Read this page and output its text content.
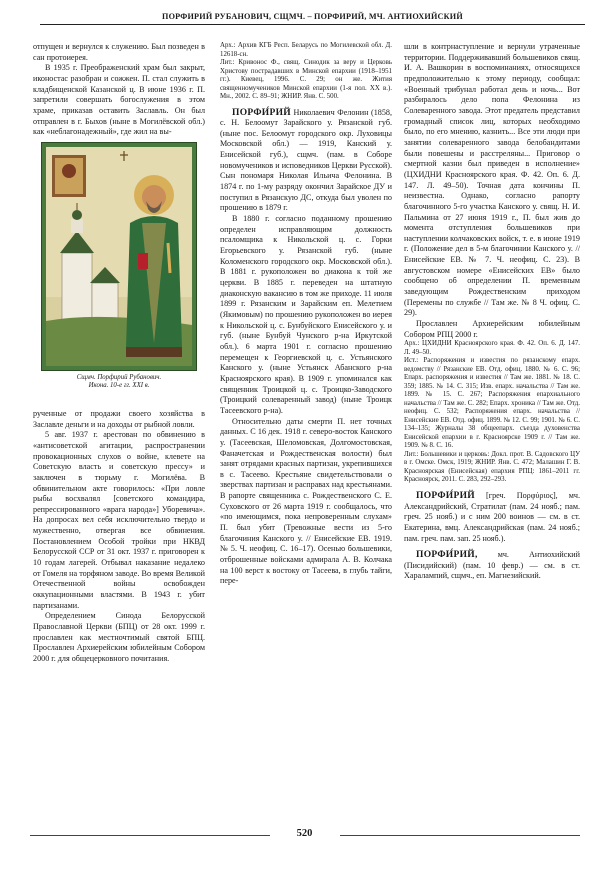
ПОРФИРИЙ РУБАНОВИЧ, СЩМЧ. – ПОРФИРИЙ, МЧ. АНТИОХИЙСКИЙ

отпущен и вернулся к служению. Был позведен в сан протоиерея.

В 1935 г. Преображенский храм был закрыт, иконостас разобран и сожжен. П. стал служить в кладбищенской Казанской ц. В июне 1936 г. П. запретили совершать богослужения в этом храме, приказав оставить Заславль. Он был отправлен в г. Быхов (ныне в Могилёвской обл.) как «неблагонадежный», где жил на вы-

Сщмч. Порфирий Рубанович.
Икона. 10-е гг. XXI в.

рученные от продажи своего хозяйства в Заславле деньги и на доходы от рыбной ловли.

5 авг. 1937 г. арестован по обвинению в «антисоветской агитации, распространении провокационных слухов о войне, клевете на Советскую власть и советскую прессу» и заключен в тюрьму г. Могилёва. В обвинительном акте говорилось: «При ловле рыбы восхвалял [советского командира, репрессированного «врага народа»] Уборевича». На допросах вел себя исключительно твердо и мужественно, отвергая все обвинения. Постановлением Особой тройки при НКВД Белорусской ССР от 31 окт. 1937 г. приговорен к 10 годам лагерей. Отбывал наказание недалеко от Гомеля на торфяном заводе. Во время Великой Отечественной войны освобожден оккупационными властями. В 1943 г. убит партизанами.

Определением Синода Белорусской Православной Церкви (БПЦ) от 28 окт. 1999 г. прославлен как местночтимый святой БПЦ. Прославлен Архиерейским юбилейным Собором 2000 г. для общецерковного почитания.

Арх.: Архив КГБ Респ. Беларусь по Могилевской обл. Д. 12618-сн.

Лит.: Кривонос Ф., свящ. Синодик за веру и Церковь Христову пострадавших в Минской епархии (1918–1951 гг.). Киевец, 1996. С. 29; он же. Жития священномучеников Минской епархии (1-я пол. XX в.). Мн., 2002. С. 89–91; ЖНИР. Янв. С. 500.

ПОРФИ́РИЙ Николаевич Фелонин (1858, с. Н. Белоомут Зарайского у. Рязанской губ. (ныне пос. Белоомут городского окр. Луховицы Московской обл.) — 1919, Канский у. Енисейской губ.), сщмч. (пам. в Соборе новомучеников и исповедников Церкви Русской). Сын пономаря Николая Ильича Фелонина. В 1874 г. по 1-му разряду окончил Зарайское ДУ и поступил в Рязанскую ДС, откуда был уволен по прошению в 1879 г.

В 1880 г. согласно поданному прошению определен исправляющим должность псаломщика к Никольской ц. с. Горки Егорьевского у. Рязанской губ. (ныне Коломенского городского окр. Московской обл.). В 1881 г. рукоположен во диакона к той же церкви. В 1885 г. переведен на штатную диаконскую вакансию в том же приходе. 11 июля 1899 г. Рязанским и Зарайским еп. Мелетием (Якимовым) по прошению рукоположен во иерея к Никольской ц. с. Бунбуйского Енисейского у. и губ. (ныне Бунбуй Чунского р-на Иркутской обл.). 6 марта 1901 г. согласно прошению перемещен к Георгиевской ц. с. Устьянского Канского у. (ныне Устьянск Абанского р-на Красноярского края). В 1909 г. упоминался как священник Троицкой ц. с. Троицко-Заводского (Троицкий солеваренный завод) (ныне Троицк Тасеевского р-на).

Относительно даты смерти П. нет точных данных. С 16 дек. 1918 г. северо-восток Канского у. (Тасеевская, Шеломовская, Долгомостовская, Фаначетская и Рождественская волости) был занят отрядами красных партизан, укрепившихся в с. Тасеево. Крестьяне свидетельствовали о зверствах партизан и расправах над крестьянами. В рапорте священника с. Рождественского С. Е. Суховского от 26 марта 1919 г. сообщалось, что «по имеющимся, пока непроверенным слухам» П. был убит (Тревожные вести из 5-го благочиния Канского у. // Енисейские ЕВ. 1919. № 5. Ч. неофиц. С. 16–17). Осенью большевики, отброшенные войсками адмирала А. В. Колчака на 100 верст к востоку от Тасеева, в глубь тайги, пере-

шли в контрнаступление и вернули утраченные территории. Поддерживавший большевиков свящ. И. А. Вашкорин в воспоминаниях, относящихся предположительно к этому периоду, сообщал: «Военный трибунал работал день и ночь... Вот разбиралось дело попа Фелонина из Солеваренного завода. Этот предатель представил громадный список лиц, которых необходимо было, по его мнению, казнить... Все эти люди при занятии солеваренного завода белобандитами были повешены и расстреляны... Приговор о смертной казни был приведен в исполнение» (ЦХИДНИ Красноярского края. Ф. 42. Оп. 6. Д. 147. Л. 49–50). Точная дата кончины П. неизвестна. Однако, согласно рапорту благочинного 5-го участка Канского у. свящ. Н. И. Пальмина от 27 июня 1919 г., П. был жив до момента отступления большевиков при наступлении колчаковских войск, т. е. в июне 1919 г. (Положение дел в 5-м благочинии Канского у. // Енисейские ЕВ. № 7. Ч. неофиц. С. 23). В августовском номере «Енисейских ЕВ» было сообщено об определении П. временным заведующим Рождественским приходом (Перемены по службе // Там же. № 8 Ч. офиц. С. 29).

Прославлен Архиерейским юбилейным Собором РПЦ 2000 г.

Арх.: ЦХИДНИ Красноярского края. Ф. 42. Оп. 6. Д. 147. Л. 49–50.

Ист.: Распоряжения и известия по рязанскому епарх. ведомству // Рязанские ЕВ. Отд. офиц. 1880. № 6. С. 96; Епарх. распоряжения и известия // Там же. 1881. № 18. С. 359; 1885. № 14. С. 315; Изв. епарх. начальства // Там же. 1899. № 15. С. 267; Распоряжения епархиального начальства // Там же. С. 282; Епарх. хроника // Там же. Отд. неофиц. С. 532; Распоряжения епарх. начальства // Енисейские ЕВ. Отд. офиц. 1899. № 12. С. 99; 1901. № 6. С. 134–135; Журналы 38 общеепарх. съезда духовенства Енисейской епархии в г. Красноярске 1909 г. // Там же. 1909. № 8. С. 16.

Лит.: Большевики и церковь: Докл. прот. В. Садовского ЦУ в г. Омске. Омск, 1919; ЖНИР. Янв. С. 472; Малашин Г. В. Красноярская (Енисейская) епархия РПЦ: 1861–2011 гг. Красноярск, 2011. С. 283, 292–293.

ПОРФИ́РИЙ [греч. Πορφύριος], мч. Александрийский, Стратилат (пам. 24 нояб.; пам. греч. 25 нояб.) и с ним 200 воинов — см. в ст. Екатерина, вмц. Александрийская (пам. 24 нояб.; пам. греч. пам. зап. 25 нояб.).

ПОРФИ́РИЙ, мч. Антиохийский (Писидийский) (пам. 10 февр.) — см. в ст. Харалампий, сщмч., еп. Магнезийский.

520
